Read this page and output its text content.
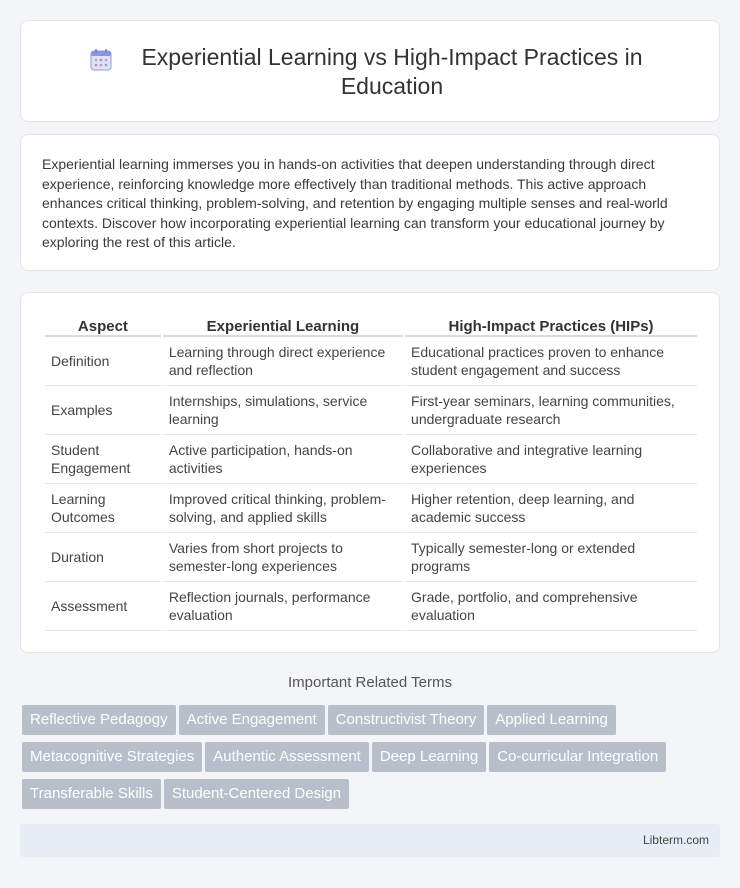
Experiential Learning vs High-Impact Practices in Education

Experiential learning immerses you in hands-on activities that deepen understanding through direct experience, reinforcing knowledge more effectively than traditional methods. This active approach enhances critical thinking, problem-solving, and retention by engaging multiple senses and real-world contexts. Discover how incorporating experiential learning can transform your educational journey by exploring the rest of this article.

Aspect	Experiential Learning	High-Impact Practices (HIPs)
Definition	Learning through direct experience and reflection	Educational practices proven to enhance student engagement and success
Examples	Internships, simulations, service learning	First-year seminars, learning communities, undergraduate research
Student Engagement	Active participation, hands-on activities	Collaborative and integrative learning experiences
Learning Outcomes	Improved critical thinking, problem-solving, and applied skills	Higher retention, deep learning, and academic success
Duration	Varies from short projects to semester-long experiences	Typically semester-long or extended programs
Assessment	Reflection journals, performance evaluation	Grade, portfolio, and comprehensive evaluation
Important Related Terms
Reflective Pedagogy Active Engagement Constructivist Theory Applied Learning
Metacognitive Strategies Authentic Assessment Deep Learning Co-curricular Integration
Transferable Skills Student-Centered Design
Libterm.com
